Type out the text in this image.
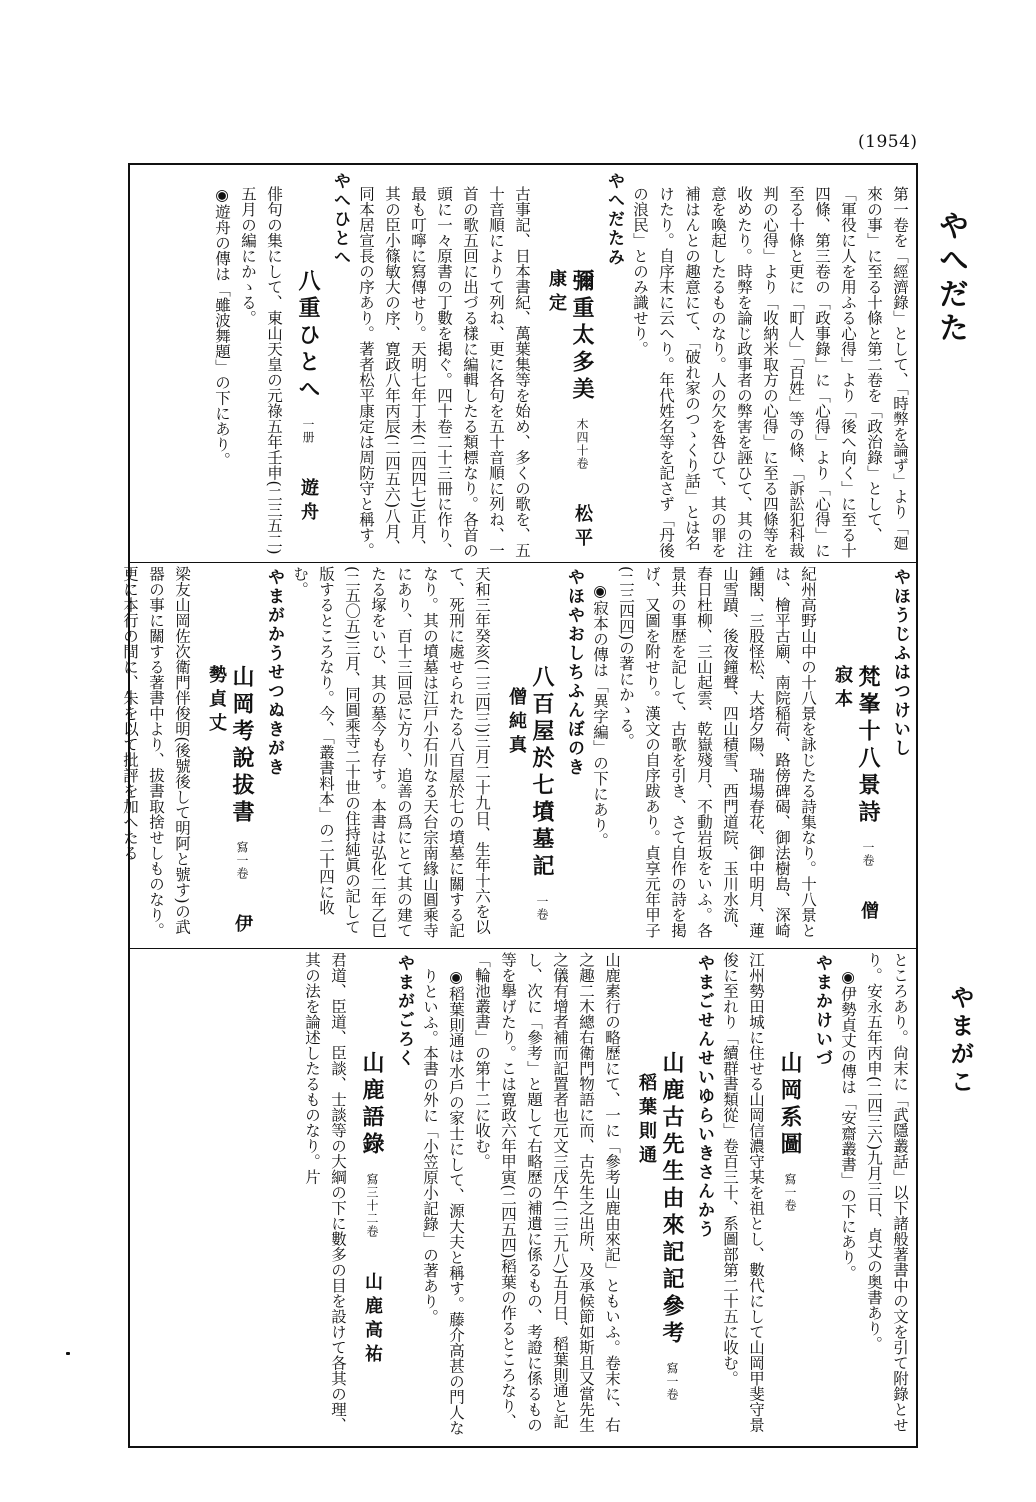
(1954)
やへだた
やまがこ
第一卷を「經濟錄」として、「時弊を論ず」より「廻來の事」に至る十條と第二卷を「政治錄」として、「軍役に人を用ふる心得」より「後へ向く」に至る十四條、第三卷の「政事錄」に「心得」より「心得」に至る十條と更に「町人」「百姓」等の條、「訴訟犯科裁判の心得」より「收納米取方の心得」に至る四條等を收めたり。時弊を論じ政事者の弊害を誣ひて、其の注意を喚起したるものなり。人の欠を咎ひて、其の罪を補はんとの趣意にて、「破れ家のつゝくり話」とは名けたり。自序末に云へり。年代姓名等を記さず「丹後の浪民」とのみ識せり。
やへだたみ
彌重太多美木四十卷松平康定
古事記、日本書紀、萬葉集等を始め、多くの歌を、五十音順によりて列ね、更に各句を五十音順に列ね、一首の歌五回に出づる樣に編輯したる類標なり。各首の頭に一々原書の丁數を掲ぐ。四十卷二十三冊に作り、最も叮嚀に寫傳せり。天明七年丁未(二四四七)正月、其の臣小篠敏大の序、寛政八年丙辰(二四五六)八月、同本居宣長の序あり。著者松平康定は周防守と稱す。
やへひとへ
八重ひとへ一册遊舟
俳句の集にして、東山天皇の元祿五年壬申(二三五二)五月の編にかゝる。
◉遊舟の傳は「雖波舞題」の下にあり。
やほうじふはつけいし
梵峯十八景詩一卷僧寂本
紀州高野山中の十八景を詠じたる詩集なり。十八景とは、檜平古廟、南院稲荷、路傍碑碣、御法樹島、深崎鍾閣、三股怪松、大塔夕陽、瑞場春花、御中明月、蓮山雪蹟、後夜鐘聲、四山積雪、西門道院、玉川水流、春日杜柳、三山起雲、乾嶽殘月、不動岩坂をいふ。各景共の事歴を記して、古歌を引き、さて自作の詩を掲げ、又圖を附せり。漢文の自序跋あり。貞享元年甲子(二三四四)の著にかゝる。
◉寂本の傳は「異字編」の下にあり。
やほやおしちふんぼのき
八百屋於七墳墓記一卷僧純真
天和三年癸亥(二三四三)三月二十九日、生年十六を以て、死刑に處せられたる八百屋於七の墳墓に關する記なり。其の墳墓は江戸小石川なる天台宗南緣山圓乘寺にあり、百十三回忌に方り、追善の爲にとて其の建てたる塚をいひ、其の墓今も存す。本書は弘化二年乙巳(二五〇五)三月、同圓乘寺二十世の住持純眞の記して版するところなり。今、「叢書料本」の二十四に收む。
やまがかうせつぬきがき
山岡考說拔書寫一卷伊勢貞丈
梁友山岡佐次衛門伴俊明(後號後して明阿と號す)の武器の事に關する著書中より、拔書取捨せしものなり。更に本行の間に、朱を以て批評を加へたる
ところあり。尙末に「武隱叢話」以下諸般著書中の文を引て附錄とせり。安永五年丙申(二四三六)九月三日、貞丈の奥書あり。
◉伊勢貞丈の傳は「安齋叢書」の下にあり。
やまかけいづ
山岡系圖寫一卷
江州勢田城に住せる山岡信濃守某を祖とし、數代にして山岡甲斐守景俊に至れり「續群書類從」卷百三十、系圖部第二十五に收む。
やまごせんせいゆらいきさんかう
山鹿古先生由來記記參考寫一卷稻葉則通
山鹿素行の略歷にて、一に「參考山鹿由來記」ともいふ。卷末に、右之趣二木總右衛門物語に而、古先生之出所、及承候節如斯且又當先生之儀有增者補而記置者也元文三戊午(二三九八)五月日、稻葉則通と記し、次に「參考」と題して右略歷の補遺に係るもの、考證に係るもの等を擧げたり。こは寛政六年甲寅(二四五四)稻葉の作るところなり、「輪池叢書」の第十二に收む。
◉稻葉則通は水戶の家士にして、源大夫と稱す。藤介高甚の門人なりといふ。本書の外に「小笠原小記錄」の著あり。
やまがごろく
山鹿語錄寫三十二卷山鹿高祐
君道、臣道、臣談、士談等の大綱の下に數多の目を設けて各其の理、其の法を論述したるものなり。片
